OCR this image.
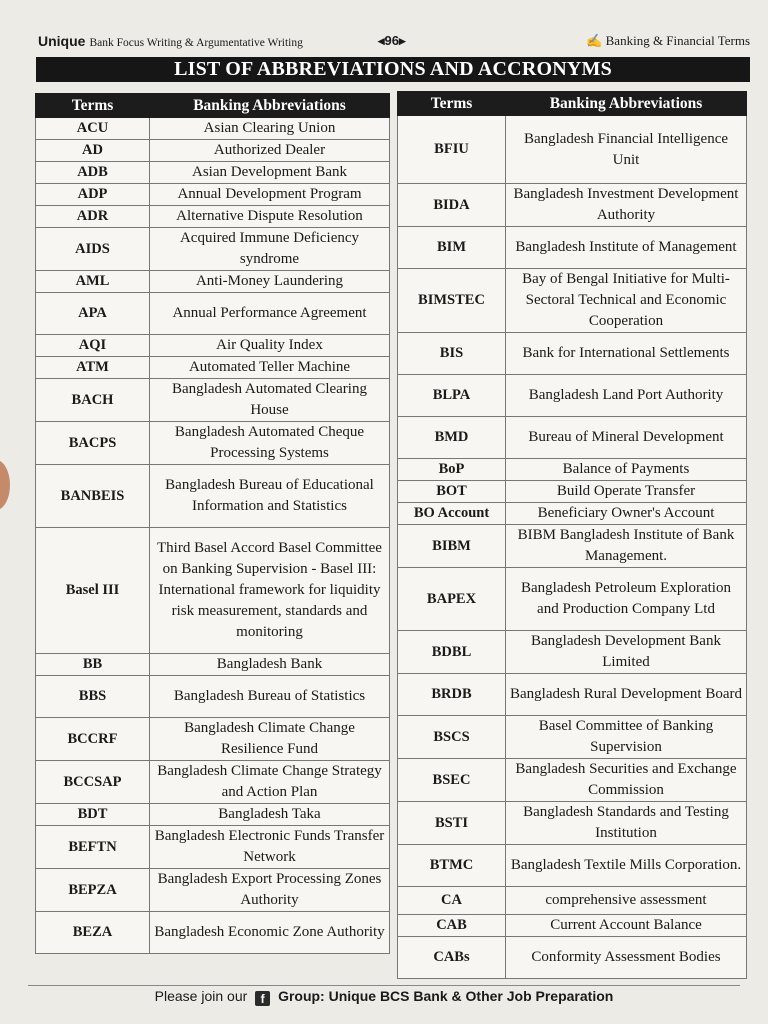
Unique Bank Focus Writing & Argumentative Writing	◂96▸	✍ Banking & Financial Terms
LIST OF ABBREVIATIONS AND ACCRONYMS
Terms	Banking Abbreviations
ACU	Asian Clearing Union
AD	Authorized Dealer
ADB	Asian Development Bank
ADP	Annual Development Program
ADR	Alternative Dispute Resolution
AIDS	Acquired Immune Deficiency syndrome
AML	Anti-Money Laundering
APA	Annual Performance Agreement
AQI	Air Quality Index
ATM	Automated Teller Machine
BACH	Bangladesh Automated Clearing House
BACPS	Bangladesh Automated Cheque Processing Systems
BANBEIS	Bangladesh Bureau of Educational Information and Statistics
Basel III	Third Basel Accord Basel Committee on Banking Supervision - Basel III: International framework for liquidity risk measurement, standards and monitoring
BB	Bangladesh Bank
BBS	Bangladesh Bureau of Statistics
BCCRF	Bangladesh Climate Change Resilience Fund
BCCSAP	Bangladesh Climate Change Strategy and Action Plan
BDT	Bangladesh Taka
BEFTN	Bangladesh Electronic Funds Transfer Network
BEPZA	Bangladesh Export Processing Zones Authority
BEZA	Bangladesh Economic Zone Authority
Terms	Banking Abbreviations
BFIU	Bangladesh Financial Intelligence Unit
BIDA	Bangladesh Investment Development Authority
BIM	Bangladesh Institute of Management
BIMSTEC	Bay of Bengal Initiative for Multi-Sectoral Technical and Economic Cooperation
BIS	Bank for International Settlements
BLPA	Bangladesh Land Port Authority
BMD	Bureau of Mineral Development
BoP	Balance of Payments
BOT	Build Operate Transfer
BO Account	Beneficiary Owner's Account
BIBM	BIBM Bangladesh Institute of Bank Management.
BAPEX	Bangladesh Petroleum Exploration and Production Company Ltd
BDBL	Bangladesh Development Bank Limited
BRDB	Bangladesh Rural Development Board
BSCS	Basel Committee of Banking Supervision
BSEC	Bangladesh Securities and Exchange Commission
BSTI	Bangladesh Standards and Testing Institution
BTMC	Bangladesh Textile Mills Corporation.
CA	comprehensive assessment
CAB	Current Account Balance
CABs	Conformity Assessment Bodies
Please join our f Group: Unique BCS Bank & Other Job Preparation
